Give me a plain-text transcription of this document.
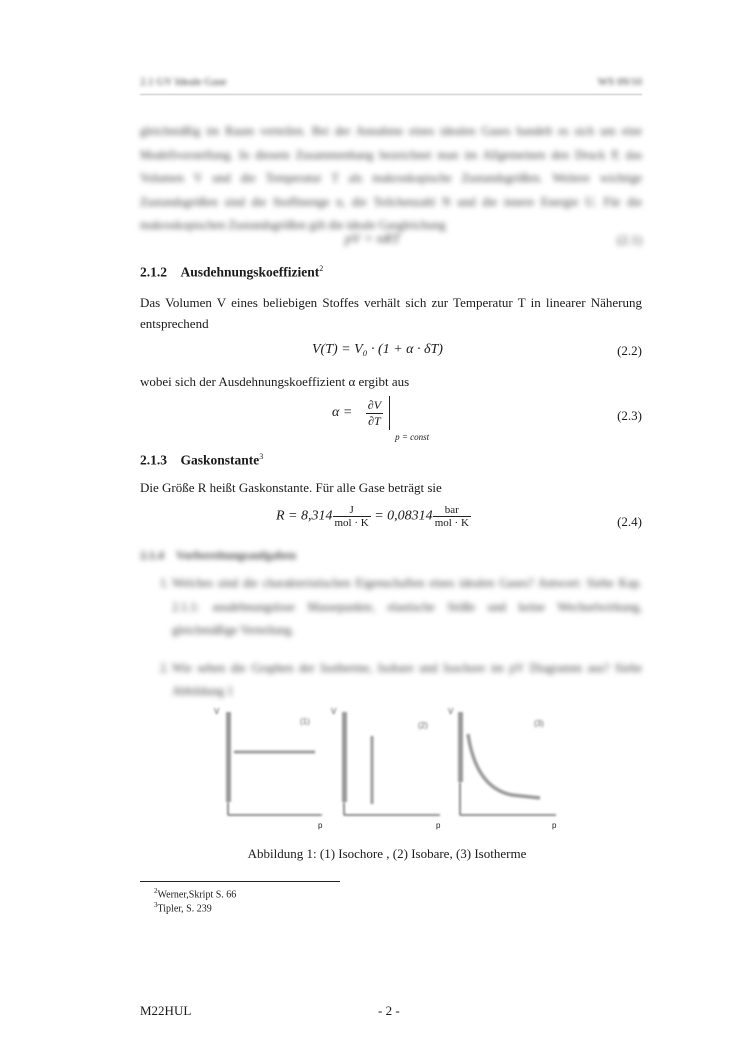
2.1 GV Ideale Gase	WS 09/10
gleichmäßig im Raum verteilen. Bei der Annahme eines idealen Gases handelt es sich um eine Modellvorstellung. In diesem Zusammenhang bezeichnet man im Allgemeinen den Druck P, das Volumen V und die Temperatur T als makroskopische Zustandsgrößen. Weitere wichtige Zustandsgrößen sind die Stoffmenge n, die Teilchenzahl N und die innere Energie U. Für die makroskopischen Zustandsgrößen gilt die ideale Gasgleichung
pV = nRT	(2.1)
2.1.2 Ausdehnungskoeffizient$^2$
Das Volumen V eines beliebigen Stoffes verhält sich zur Temperatur T in linearer Näherung entsprechend
V(T) = V₀ · (1 + α · δT)	(2.2)
wobei sich der Ausdehnungskoeffizient α ergibt aus
$\alpha = \frac{\partial V}{\partial T}$
p = const
(2.3)
2.1.3 Gaskonstante$^3$
Die Größe R heißt Gaskonstante. Für alle Gase beträgt sie
$R = 8,314 \frac{J}{\text{mol · K}} = 0,08314 \frac{\text{bar}}{\text{mol · K}}$	(2.4)
2.1.4 Vorbereitungsaufgaben
1. Welches sind die charakteristischen Eigenschaften eines idealen Gases? Antwort: Siehe Kap. 2.1.1: ausdehnungslose Massepunkte, elastische Stöße und keine Wechselwirkung, gleichmäßige Verteilung.
2. Wie sehen die Graphen der Isotherme, Isobare und Isochore im pV Diagramm aus? Siehe Abbildung 1
V
(1)
p
V
(2)
p
V
(3)
p
Abbildung 1: (1) Isochore , (2) Isobare, (3) Isotherme
$^2$Werner,Skript S. 66
$^3$Tipler, S. 239
M22HUL	- 2 -
